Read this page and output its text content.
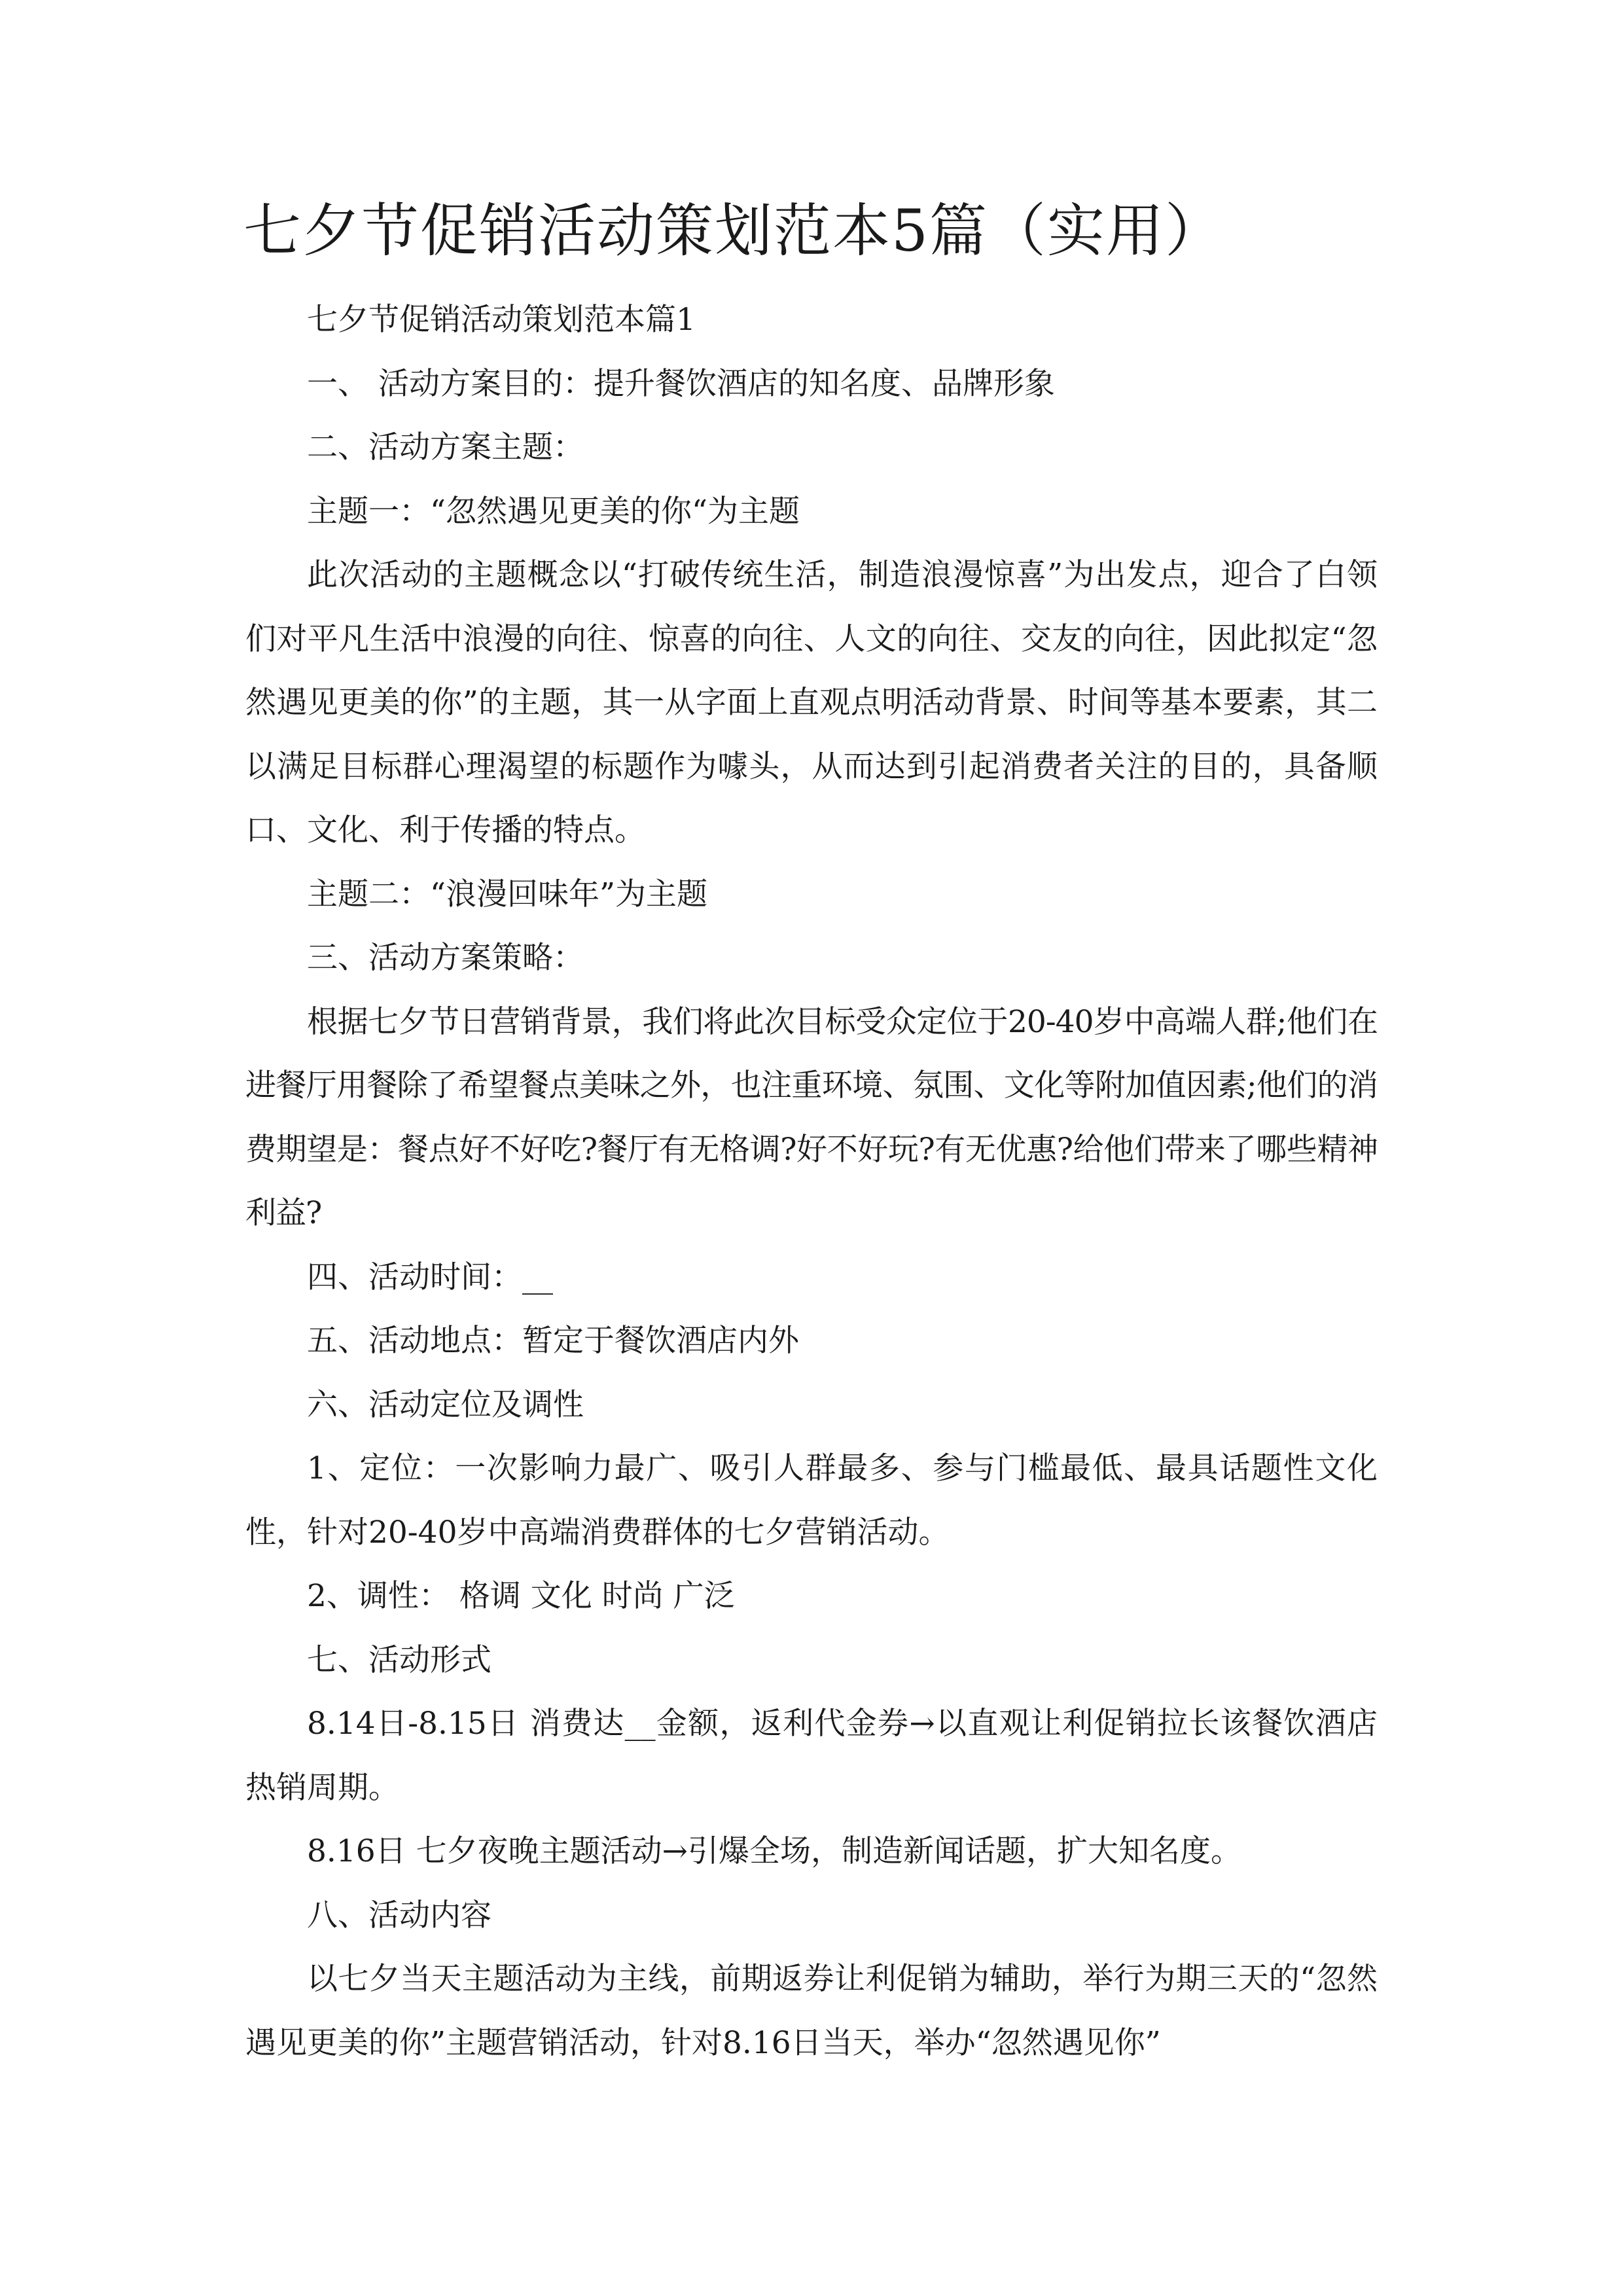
七夕节促销活动策划范本5篇（实用）

七夕节促销活动策划范本篇1

一、 活动方案目的：提升餐饮酒店的知名度、品牌形象

二、活动方案主题：

主题一：“忽然遇见更美的你“为主题

此次活动的主题概念以“打破传统生活，制造浪漫惊喜”为出发点，迎合了白领们对平凡生活中浪漫的向往、惊喜的向往、人文的向往、交友的向往，因此拟定“忽然遇见更美的你”的主题，其一从字面上直观点明活动背景、时间等基本要素，其二以满足目标群心理渴望的标题作为噱头，从而达到引起消费者关注的目的，具备顺口、文化、利于传播的特点。

主题二：“浪漫回味年”为主题

三、活动方案策略：

根据七夕节日营销背景，我们将此次目标受众定位于20-40岁中高端人群;他们在进餐厅用餐除了希望餐点美味之外，也注重环境、氛围、文化等附加值因素;他们的消费期望是：餐点好不好吃?餐厅有无格调?好不好玩?有无优惠?给他们带来了哪些精神利益?

四、活动时间：__

五、活动地点：暂定于餐饮酒店内外

六、活动定位及调性

1、定位：一次影响力最广、吸引人群最多、参与门槛最低、最具话题性文化性，针对20-40岁中高端消费群体的七夕营销活动。

2、调性： 格调 文化 时尚 广泛

七、活动形式

8.14日-8.15日 消费达__金额，返利代金券→以直观让利促销拉长该餐饮酒店热销周期。

8.16日 七夕夜晚主题活动→引爆全场，制造新闻话题，扩大知名度。

八、活动内容

以七夕当天主题活动为主线，前期返券让利促销为辅助，举行为期三天的“忽然遇见更美的你”主题营销活动，针对8.16日当天，举办“忽然遇见你”
